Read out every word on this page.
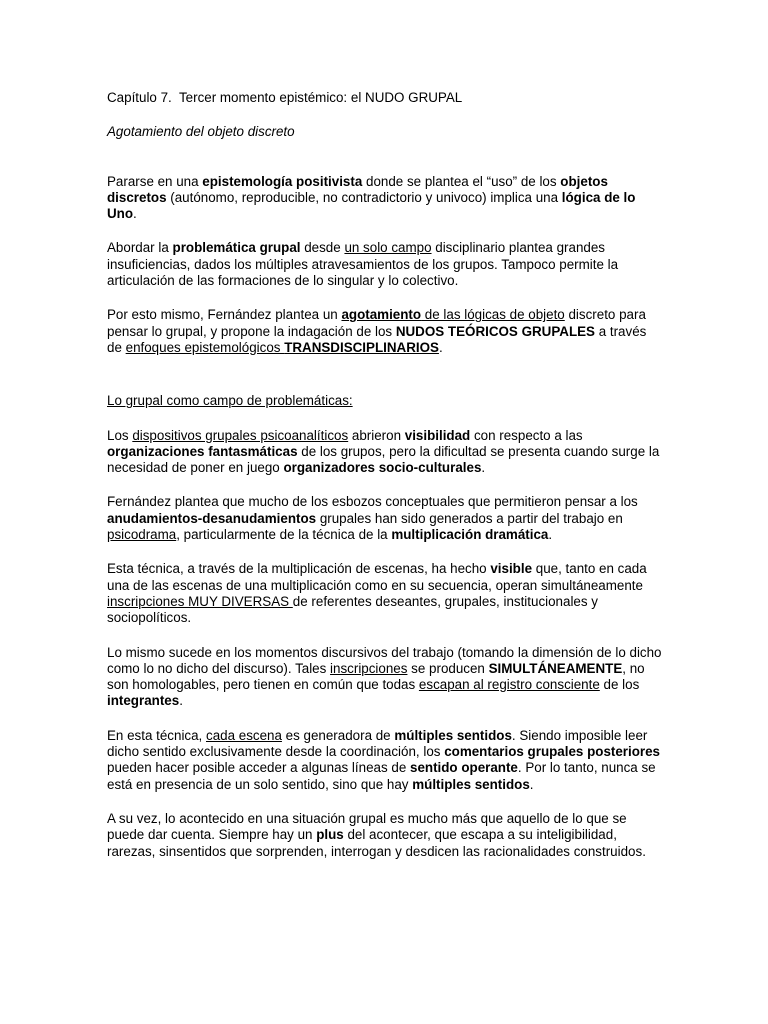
Capítulo 7. Tercer momento epistémico: el NUDO GRUPAL
Agotamiento del objeto discreto

Pararse en una epistemología positivista donde se plantea el “uso” de los objetos discretos (autónomo, reproducible, no contradictorio y univoco) implica una lógica de lo Uno.

Abordar la problemática grupal desde un solo campo disciplinario plantea grandes insuficiencias, dados los múltiples atravesamientos de los grupos. Tampoco permite la articulación de las formaciones de lo singular y lo colectivo.

Por esto mismo, Fernández plantea un agotamiento de las lógicas de objeto discreto para pensar lo grupal, y propone la indagación de los NUDOS TEÓRICOS GRUPALES a través de enfoques epistemológicos TRANSDISCIPLINARIOS.

Lo grupal como campo de problemáticas:

Los dispositivos grupales psicoanalíticos abrieron visibilidad con respecto a las organizaciones fantasmáticas de los grupos, pero la dificultad se presenta cuando surge la necesidad de poner en juego organizadores socio-culturales.

Fernández plantea que mucho de los esbozos conceptuales que permitieron pensar a los anudamientos-desanudamientos grupales han sido generados a partir del trabajo en psicodrama, particularmente de la técnica de la multiplicación dramática.

Esta técnica, a través de la multiplicación de escenas, ha hecho visible que, tanto en cada una de las escenas de una multiplicación como en su secuencia, operan simultáneamente inscripciones MUY DIVERSAS de referentes deseantes, grupales, institucionales y sociopolíticos.

Lo mismo sucede en los momentos discursivos del trabajo (tomando la dimensión de lo dicho como lo no dicho del discurso). Tales inscripciones se producen SIMULTÁNEAMENTE, no son homologables, pero tienen en común que todas escapan al registro consciente de los integrantes.

En esta técnica, cada escena es generadora de múltiples sentidos. Siendo imposible leer dicho sentido exclusivamente desde la coordinación, los comentarios grupales posteriores pueden hacer posible acceder a algunas líneas de sentido operante. Por lo tanto, nunca se está en presencia de un solo sentido, sino que hay múltiples sentidos.

A su vez, lo acontecido en una situación grupal es mucho más que aquello de lo que se puede dar cuenta. Siempre hay un plus del acontecer, que escapa a su inteligibilidad, rarezas, sinsentidos que sorprenden, interrogan y desdicen las racionalidades construidos.
